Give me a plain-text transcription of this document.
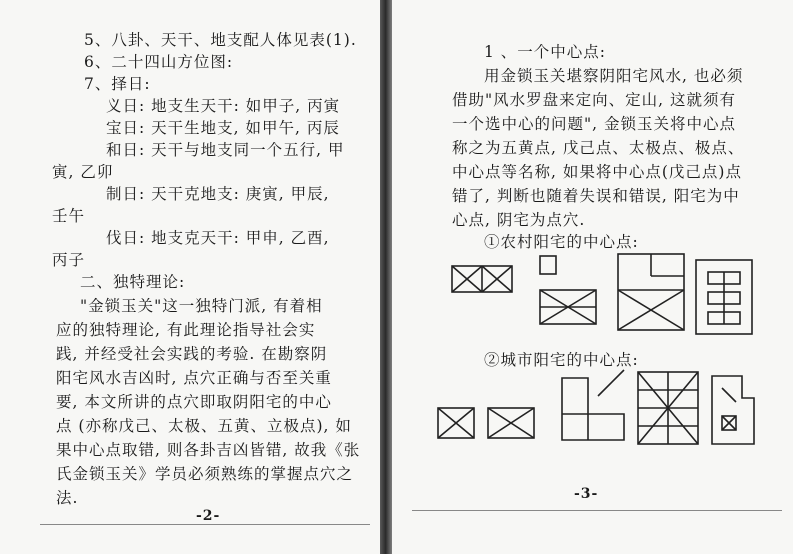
5、八卦、天干、地支配人体见表(1).
6、二十四山方位图:
7、择日:
义日: 地支生天干: 如甲子, 丙寅
宝日: 天干生地支, 如甲午, 丙辰
和日: 天干与地支同一个五行, 甲
寅, 乙卯
制日: 天干克地支: 庚寅, 甲辰,
壬午
伐日: 地支克天干: 甲申, 乙酉,
丙子
二、独特理论:
"金锁玉关"这一独特门派, 有着相
应的独特理论, 有此理论指导社会实
践, 并经受社会实践的考验. 在勘察阴
阳宅风水吉凶时, 点穴正确与否至关重
要, 本文所讲的点穴即取阴阳宅的中心
点 (亦称戊己、太极、五黄、立极点), 如
果中心点取错, 则各卦吉凶皆错, 故我《张
氏金锁玉关》学员必须熟练的掌握点穴之
法.
-2-
1 、一个中心点:
用金锁玉关堪察阴阳宅风水, 也必须
借助"风水罗盘来定向、定山, 这就须有
一个选中心的问题", 金锁玉关将中心点
称之为五黄点, 戊己点、太极点、极点、
中心点等名称, 如果将中心点(戊己点)点
错了, 判断也随着失误和错误, 阳宅为中
心点, 阴宅为点穴.
①农村阳宅的中心点:
②城市阳宅的中心点:
-3-
